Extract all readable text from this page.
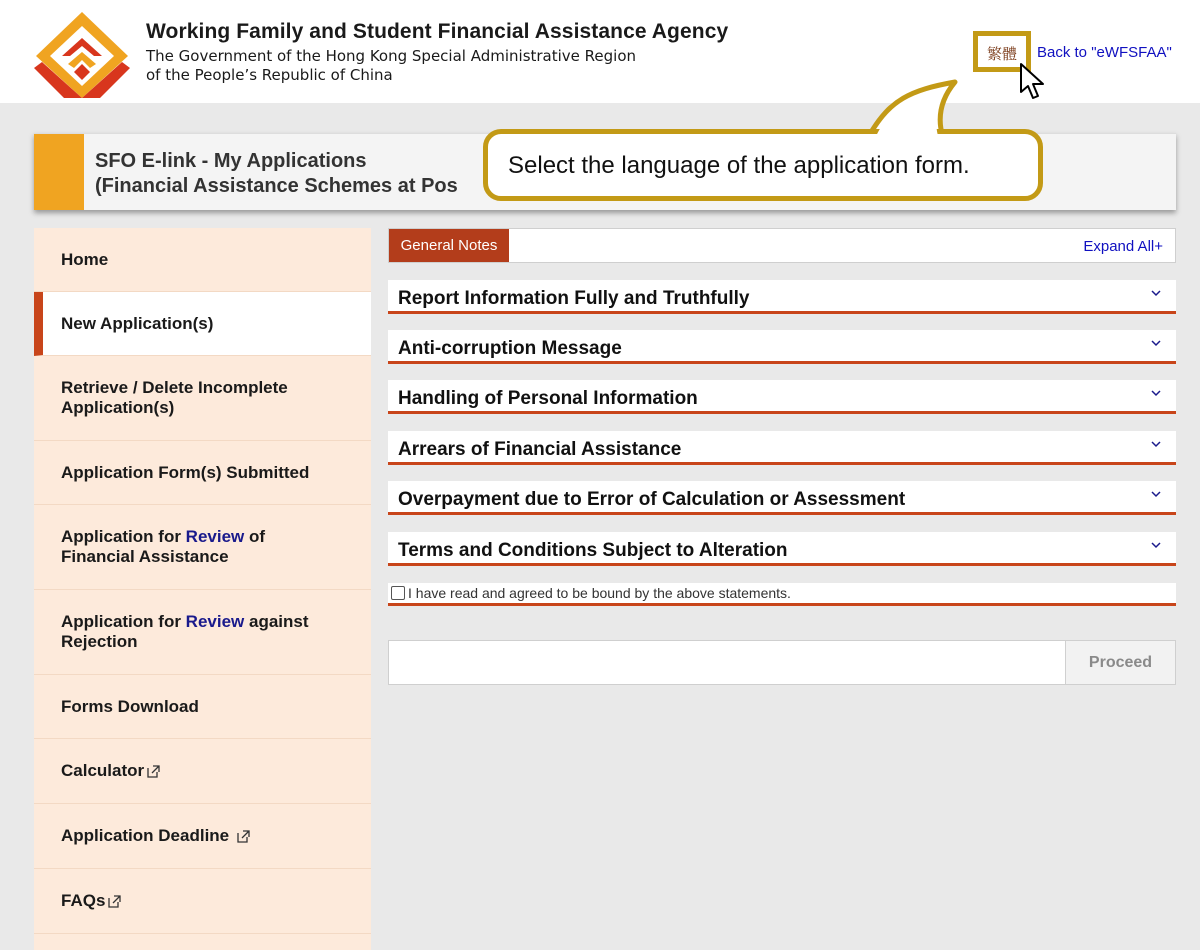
Working Family and Student Financial Assistance Agency
The Government of the Hong Kong Special Administrative Region
of the People’s Republic of China
繁體 Back to "eWFSFAA"
SFO E-link - My Applications
(Financial Assistance Schemes at Pos
Select the language of the application form.
Home
New Application(s)
Retrieve / Delete Incomplete Application(s)
Application Form(s) Submitted
Application for Review of Financial Assistance
Application for Review against Rejection
Forms Download
Calculator
Application Deadline
FAQs
General Notes	Expand All+
Report Information Fully and Truthfully
Anti-corruption Message
Handling of Personal Information
Arrears of Financial Assistance
Overpayment due to Error of Calculation or Assessment
Terms and Conditions Subject to Alteration
I have read and agreed to be bound by the above statements.
Proceed
